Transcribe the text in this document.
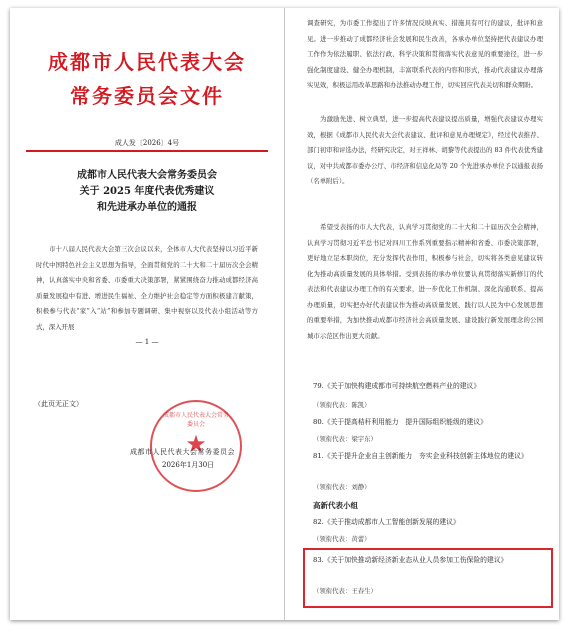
成都市人民代表大会
常务委员会文件
成人发〔2026〕4号
成都市人民代表大会常务委员会
关于 2025 年度代表优秀建议
和先进承办单位的通报
市十八届人民代表大会第三次会议以来，全体市人大代表坚持以习近平新时代中国特色社会主义思想为指导，全面贯彻党的二十大和二十届历次全会精神，认真落实中央和省委、市委重大决策部署，紧紧围绕奋力推动成都经济高质量发展稳中有进、增进民生福祉、全力维护社会稳定等方面积极建言献策，积极参与代表“家”入“站”和参加专题调研、集中视察以及代表小组活动等方式，深入开展
— 1 —
（此页无正文）
成都市人民代表大会常务委员会
★
成都市人民代表大会常务委员会
2026年1月30日
调查研究，为市委工作提出了许多情况反映真实、措施具有可行的建议，批评和意见。进一步推动了成都经济社会发展和民生改善，各承办单位坚持把代表建议办理工作作为依法履职、依法行政、科学决策和贯彻落实代表意见的重要途径，进一步强化制度建设、健全办理机制，丰富联系代表的内容和形式，推动代表建议办理落实见效，积极运用改革思路和办法推动办理工作，切实回应代表关切和群众期盼。
为激励先进、树立典型，进一步提高代表建议提出质量，增强代表建议办理实效，根据《成都市人民代表大会代表建议、批评和意见办理规定》，经过代表推荐、部门初审和评选办法，经研究决定，对王祥林、胡黎等代表提出的 83 件代表优秀建议，对中共成都市委办公厅、市经济和信息化局等 20 个先进承办单位予以通报表扬（名单附后）。
希望受表扬的市人大代表，认真学习贯彻党的二十大和二十届历次全会精神，认真学习贯彻习近平总书记对四川工作系列重要指示精神和省委、市委决策部署，更好地立足本职岗位，充分发挥代表作用，积极参与社会，切实将各类意见建议转化为推动高质量发展的具体举措。受到表扬的承办单位要认真贯彻落实新修订的代表法和代表建议办理工作的有关要求，进一步优化工作机制、深化沟通联系、提高办理质量，切实把办好代表建议作为推动高质量发展、践行以人民为中心发展思想的重要举措，为加快推动成都市经济社会高质量发展、建设践行新发展理念的公园城市示范区作出更大贡献。
79.《关于加快构建成都市可持续航空燃料产业的建议》
（领衔代表：陈凯）
80.《关于提高秸秆利用能力　提升国际组织能级的建议》
（领衔代表：梁宇东）
81.《关于提升企业自主创新能力　夯实企业科技创新主体地位的建议》
（领衔代表：刘静）
高新代表小组
82.《关于推动成都市人工智能创新发展的建议》
（领衔代表：黄蕾）
83.《关于加快推动新经济新业态从业人员参加工伤保险的建议》
（领衔代表：王春生）
